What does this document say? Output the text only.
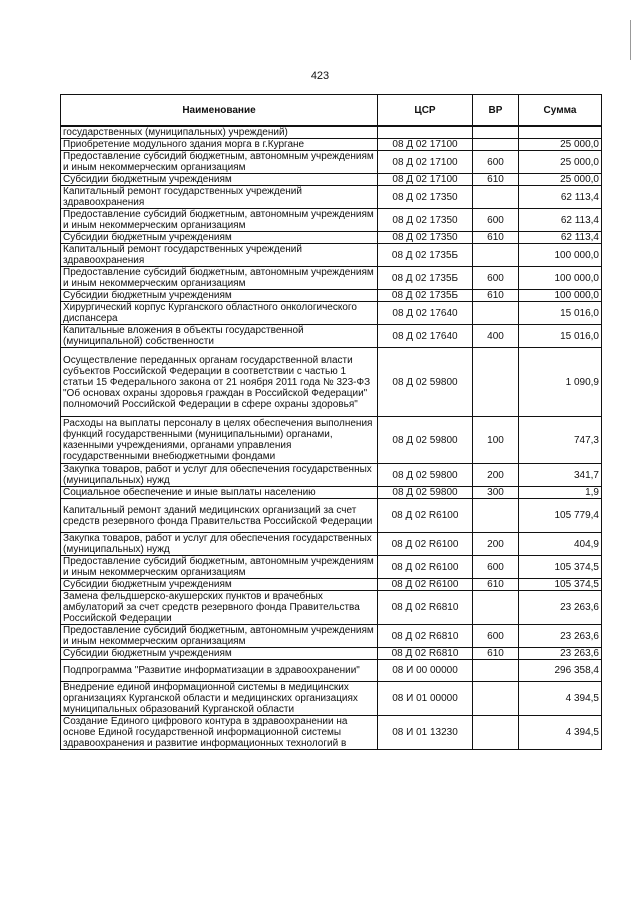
423
Наименование	ЦСР	ВР	Сумма
государственных (муниципальных) учреждений)			
Приобретение модульного здания морга в г.Кургане	08 Д 02 17100		25 000,0
Предоставление субсидий бюджетным, автономным учреждениям и иным некоммерческим организациям	08 Д 02 17100	600	25 000,0
Субсидии бюджетным учреждениям	08 Д 02 17100	610	25 000,0
Капитальный ремонт государственных учреждений здравоохранения	08 Д 02 17350		62 113,4
Предоставление субсидий бюджетным, автономным учреждениям и иным некоммерческим организациям	08 Д 02 17350	600	62 113,4
Субсидии бюджетным учреждениям	08 Д 02 17350	610	62 113,4
Капитальный ремонт государственных учреждений здравоохранения	08 Д 02 1735Б		100 000,0
Предоставление субсидий бюджетным, автономным учреждениям и иным некоммерческим организациям	08 Д 02 1735Б	600	100 000,0
Субсидии бюджетным учреждениям	08 Д 02 1735Б	610	100 000,0
Хирургический корпус Курганского областного онкологического диспансера	08 Д 02 17640		15 016,0
Капитальные вложения в объекты государственной (муниципальной) собственности	08 Д 02 17640	400	15 016,0
Осуществление переданных органам государственной власти субъектов Российской Федерации в соответствии с частью 1 статьи 15 Федерального закона от 21 ноября 2011 года № 323-ФЗ "Об основах охраны здоровья граждан в Российской Федерации" полномочий Российской Федерации в сфере охраны здоровья"	08 Д 02 59800		1 090,9
Расходы на выплаты персоналу в целях обеспечения выполнения функций государственными (муниципальными) органами, казенными учреждениями, органами управления государственными внебюджетными фондами	08 Д 02 59800	100	747,3
Закупка товаров, работ и услуг для обеспечения государственных (муниципальных) нужд	08 Д 02 59800	200	341,7
Социальное обеспечение и иные выплаты населению	08 Д 02 59800	300	1,9
Капитальный ремонт зданий медицинских организаций за счет средств резервного фонда Правительства Российской Федерации	08 Д 02 R6100		105 779,4
Закупка товаров, работ и услуг для обеспечения государственных (муниципальных) нужд	08 Д 02 R6100	200	404,9
Предоставление субсидий бюджетным, автономным учреждениям и иным некоммерческим организациям	08 Д 02 R6100	600	105 374,5
Субсидии бюджетным учреждениям	08 Д 02 R6100	610	105 374,5
Замена фельдшерско-акушерских пунктов и врачебных амбулаторий за счет средств резервного фонда Правительства Российской Федерации	08 Д 02 R6810		23 263,6
Предоставление субсидий бюджетным, автономным учреждениям и иным некоммерческим организациям	08 Д 02 R6810	600	23 263,6
Субсидии бюджетным учреждениям	08 Д 02 R6810	610	23 263,6
Подпрограмма "Развитие информатизации в здравоохранении"	08 И 00 00000		296 358,4
Внедрение единой информационной системы в медицинских организациях Курганской области и медицинских организациях муниципальных образований Курганской области	08 И 01 00000		4 394,5
Создание Единого цифрового контура в здравоохранении на основе Единой государственной информационной системы здравоохранения и развитие информационных технологий в	08 И 01 13230		4 394,5
